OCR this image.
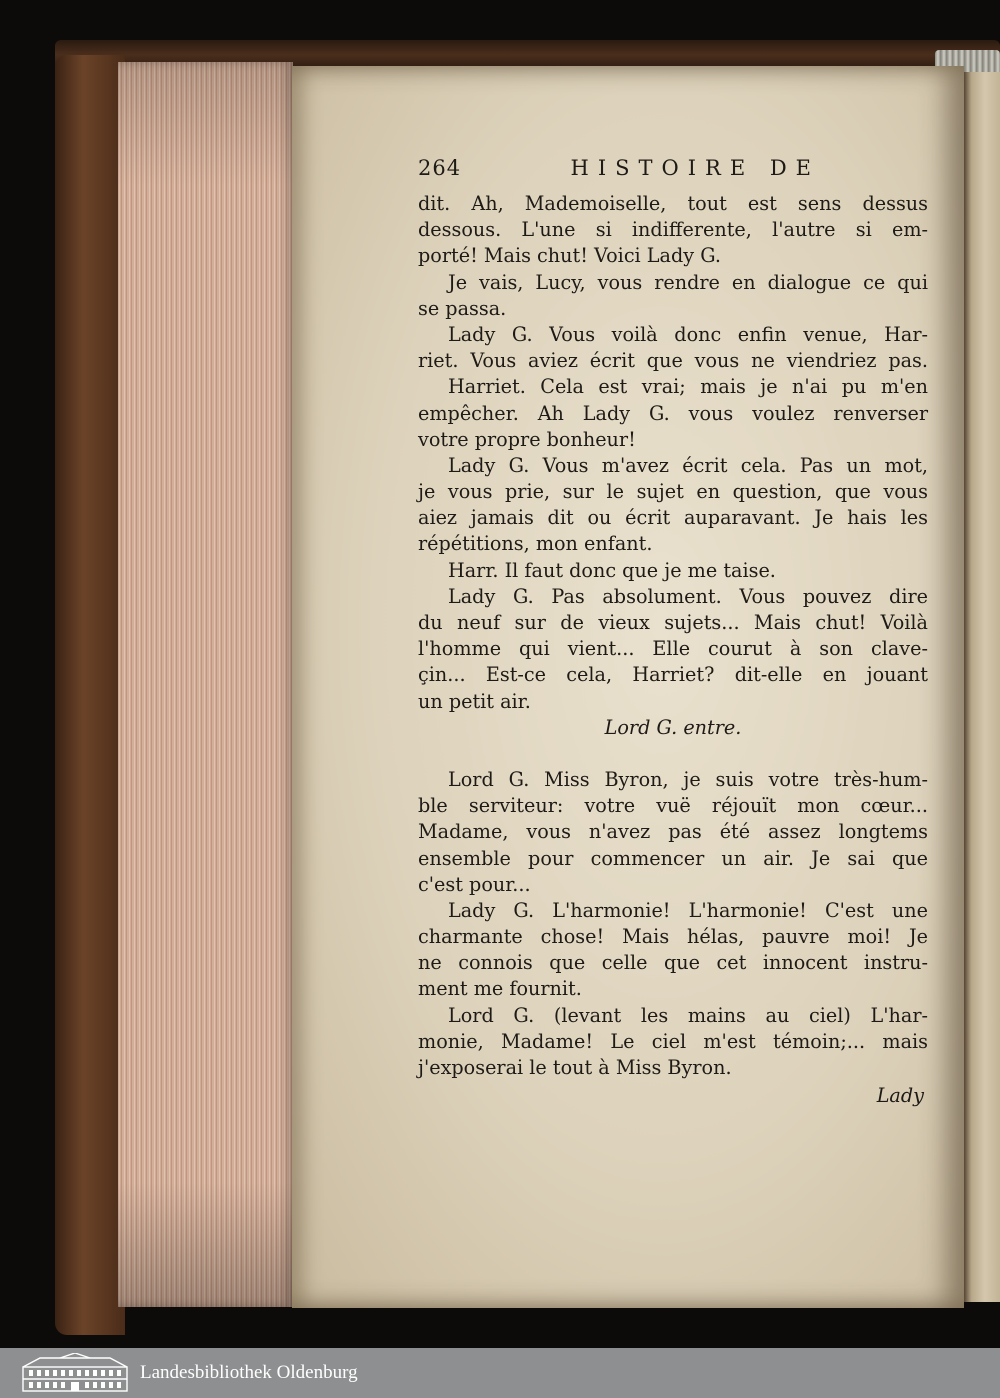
264	HISTOIRE DE
dit. Ah, Mademoiselle, tout est sens dessus
dessous. L'une si indifferente, l'autre si em-
porté! Mais chut! Voici Lady G.
Je vais, Lucy, vous rendre en dialogue ce qui
se passa.
Lady G. Vous voilà donc enfin venue, Har-
riet. Vous aviez écrit que vous ne viendriez pas.
Harriet. Cela est vrai; mais je n'ai pu m'en
empêcher. Ah Lady G. vous voulez renverser
votre propre bonheur!
Lady G. Vous m'avez écrit cela. Pas un mot,
je vous prie, sur le sujet en question, que vous
aiez jamais dit ou écrit auparavant. Je hais les
répétitions, mon enfant.
Harr. Il faut donc que je me taise.
Lady G. Pas absolument. Vous pouvez dire
du neuf sur de vieux sujets... Mais chut! Voilà
l'homme qui vient... Elle courut à son clave-
çin... Est-ce cela, Harriet? dit-elle en jouant
un petit air.
Lord G. entre.
Lord G. Miss Byron, je suis votre très-hum-
ble serviteur: votre vuë réjouït mon cœur...
Madame, vous n'avez pas été assez longtems
ensemble pour commencer un air. Je sai que
c'est pour...
Lady G. L'harmonie! L'harmonie! C'est une
charmante chose! Mais hélas, pauvre moi! Je
ne connois que celle que cet innocent instru-
ment me fournit.
Lord G. (levant les mains au ciel) L'har-
monie, Madame! Le ciel m'est témoin;... mais
j'exposerai le tout à Miss Byron.
Lady
Landesbibliothek Oldenburg
